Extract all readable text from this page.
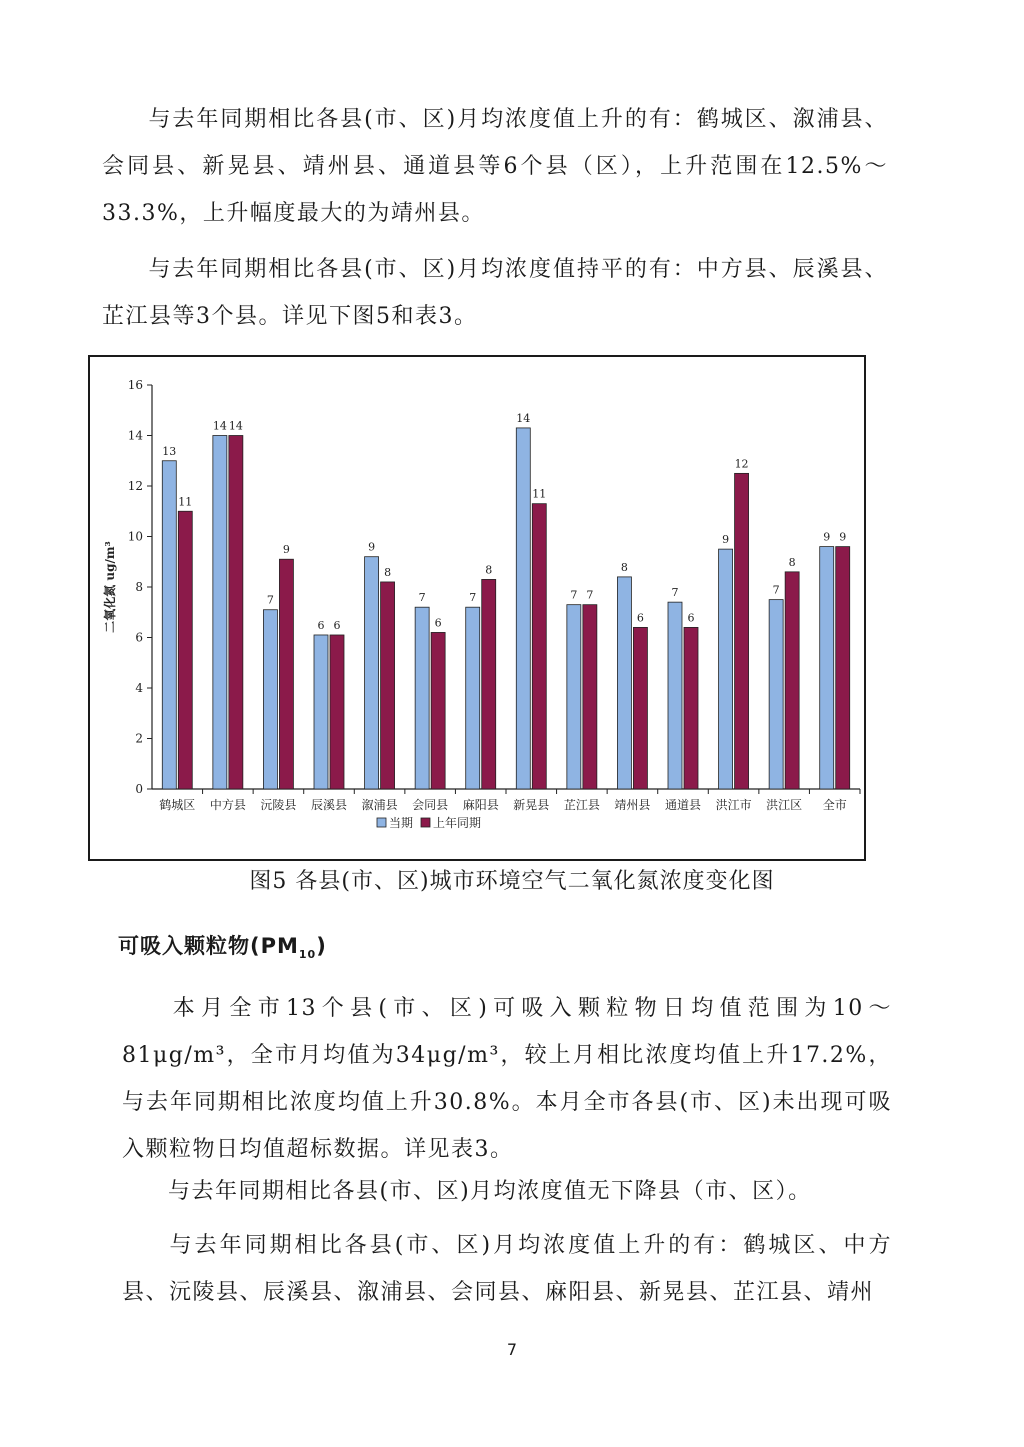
与去年同期相比各县(市、区)月均浓度值上升的有：鹤城区、溆浦县、会同县、新晃县、靖州县、通道县等6个县（区），上升范围在12.5%～33.3%，上升幅度最大的为靖州县。

与去年同期相比各县(市、区)月均浓度值持平的有：中方县、辰溪县、芷江县等3个县。详见下图5和表3。

0
2
4
6
8
10
12
14
16
二氧化氮 ug/m³
13
11
鹤城区
14 14
中方县
7
9
沅陵县
6 6
辰溪县
9
8
溆浦县
7
6
会同县
7
8
麻阳县
14
11
新晃县
7 7
芷江县
8
6
靖州县
7
6
通道县
9
12
洪江市
7
8
洪江区
9 9
全市
当期 上年同期

图5 各县(市、区)城市环境空气二氧化氮浓度变化图

可吸入颗粒物$(PM_{10})$

本月全市13个县(市、区)可吸入颗粒物日均值范围为10～81μg/m³，全市月均值为34μg/m³，较上月相比浓度均值上升17.2%，与去年同期相比浓度均值上升30.8%。本月全市各县(市、区)未出现可吸入颗粒物日均值超标数据。详见表3。

与去年同期相比各县(市、区)月均浓度值无下降县（市、区）。

与去年同期相比各县(市、区)月均浓度值上升的有：鹤城区、中方县、沅陵县、辰溪县、溆浦县、会同县、麻阳县、新晃县、芷江县、靖州

7
